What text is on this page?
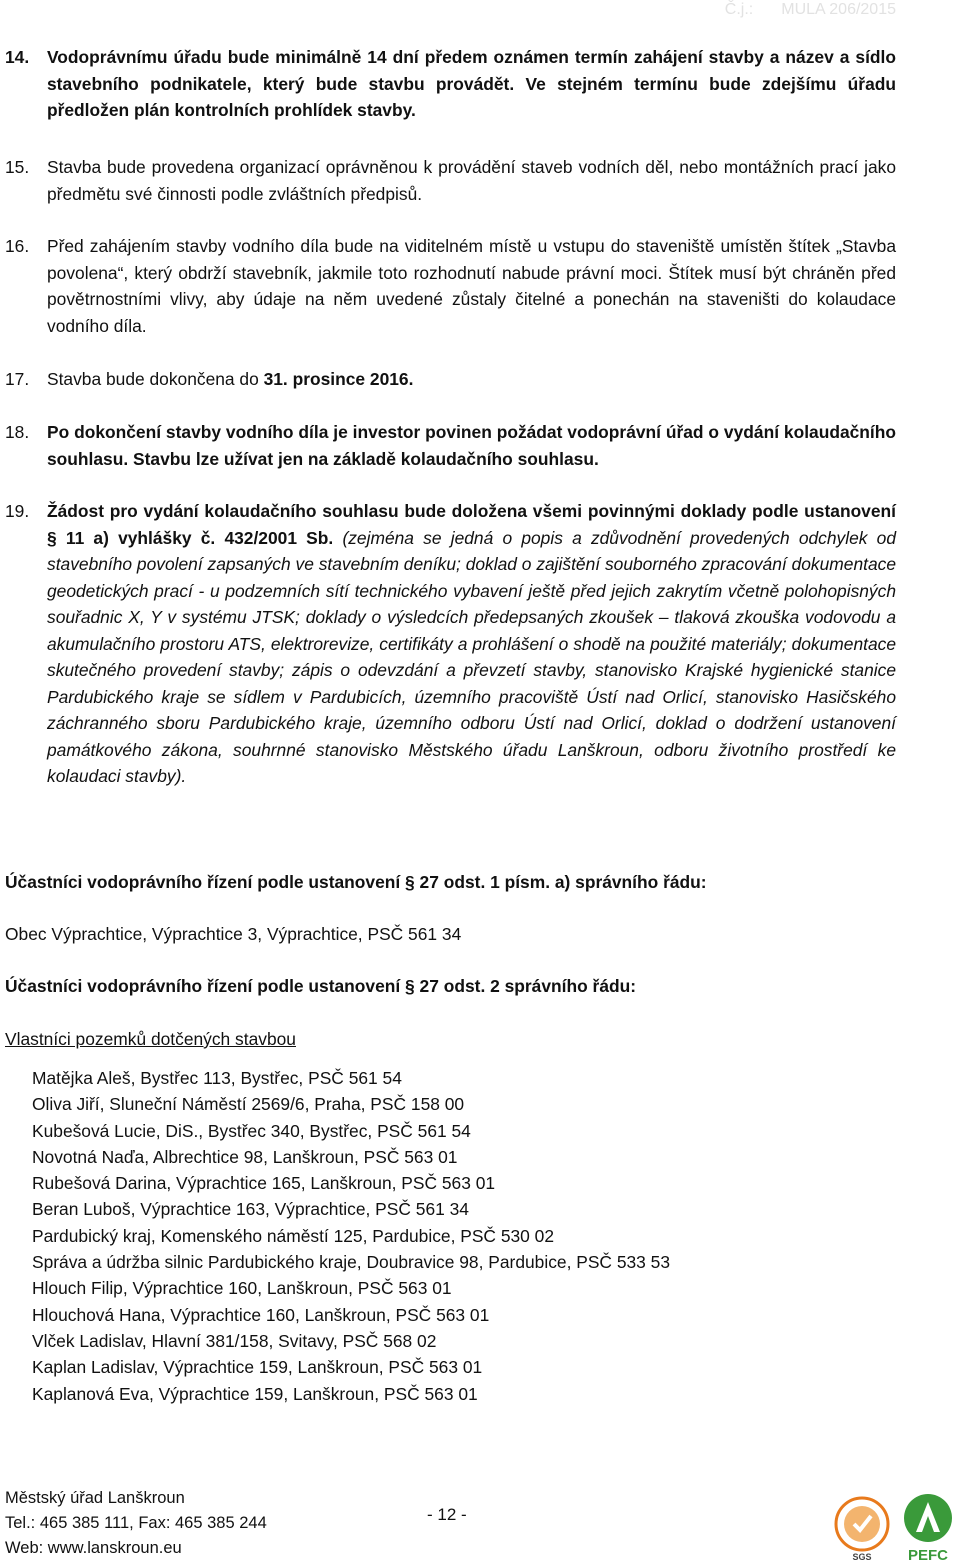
Č.j.: MULA 206/2015
14.	Vodoprávnímu úřadu bude minimálně 14 dní předem oznámen termín zahájení stavby a název a sídlo stavebního podnikatele, který bude stavbu provádět. Ve stejném termínu bude zdejšímu úřadu předložen plán kontrolních prohlídek stavby.
15.	Stavba bude provedena organizací oprávněnou k provádění staveb vodních děl, nebo montážních prací jako předmětu své činnosti podle zvláštních předpisů.
16.	Před zahájením stavby vodního díla bude na viditelném místě u vstupu do staveniště umístěn štítek „Stavba povolena“, který obdrží stavebník, jakmile toto rozhodnutí nabude právní moci. Štítek musí být chráněn před povětrnostními vlivy, aby údaje na něm uvedené zůstaly čitelné a ponechán na staveništi do kolaudace vodního díla.
17.	Stavba bude dokončena do 31. prosince 2016.
18.	Po dokončení stavby vodního díla je investor povinen požádat vodoprávní úřad o vydání kolaudačního souhlasu. Stavbu lze užívat jen na základě kolaudačního souhlasu.
19.	Žádost pro vydání kolaudačního souhlasu bude doložena všemi povinnými doklady podle ustanovení § 11 a) vyhlášky č. 432/2001 Sb. (zejména se jedná o popis a zdůvodnění provedených odchylek od stavebního povolení zapsaných ve stavebním deníku; doklad o zajištění souborného zpracování dokumentace geodetických prací - u podzemních sítí technického vybavení ještě před jejich zakrytím včetně polohopisných souřadnic X, Y v systému JTSK; doklady o výsledcích předepsaných zkoušek – tlaková zkouška vodovodu a akumulačního prostoru ATS, elektrorevize, certifikáty a prohlášení o shodě na použité materiály; dokumentace skutečného provedení stavby; zápis o odevzdání a převzetí stavby, stanovisko Krajské hygienické stanice Pardubického kraje se sídlem v Pardubicích, územního pracoviště Ústí nad Orlicí, stanovisko Hasičského záchranného sboru Pardubického kraje, územního odboru Ústí nad Orlicí, doklad o dodržení ustanovení památkového zákona, souhrnné stanovisko Městského úřadu Lanškroun, odboru životního prostředí ke kolaudaci stavby).
Účastníci vodoprávního řízení podle ustanovení § 27 odst. 1 písm. a) správního řádu:
Obec Výprachtice, Výprachtice 3, Výprachtice, PSČ 561 34
Účastníci vodoprávního řízení podle ustanovení § 27 odst. 2 správního řádu:
Vlastníci pozemků dotčených stavbou
Matějka Aleš, Bystřec 113, Bystřec, PSČ 561 54
Oliva Jiří, Sluneční Náměstí 2569/6, Praha, PSČ 158 00
Kubešová Lucie, DiS., Bystřec 340, Bystřec, PSČ 561 54
Novotná Naďa, Albrechtice 98, Lanškroun, PSČ 563 01
Rubešová Darina, Výprachtice 165, Lanškroun, PSČ 563 01
Beran Luboš, Výprachtice 163, Výprachtice, PSČ 561 34
Pardubický kraj, Komenského náměstí 125, Pardubice, PSČ 530 02
Správa a údržba silnic Pardubického kraje, Doubravice 98, Pardubice, PSČ 533 53
Hlouch Filip, Výprachtice 160, Lanškroun, PSČ 563 01
Hlouchová Hana, Výprachtice 160, Lanškroun, PSČ 563 01
Vlček Ladislav, Hlavní 381/158, Svitavy, PSČ 568 02
Kaplan Ladislav, Výprachtice 159, Lanškroun, PSČ 563 01
Kaplanová Eva, Výprachtice 159, Lanškroun, PSČ 563 01
Městský úřad Lanškroun
Tel.: 465 385 111, Fax: 465 385 244
Web: www.lanskroun.eu
- 12 -
SGS PEFC
